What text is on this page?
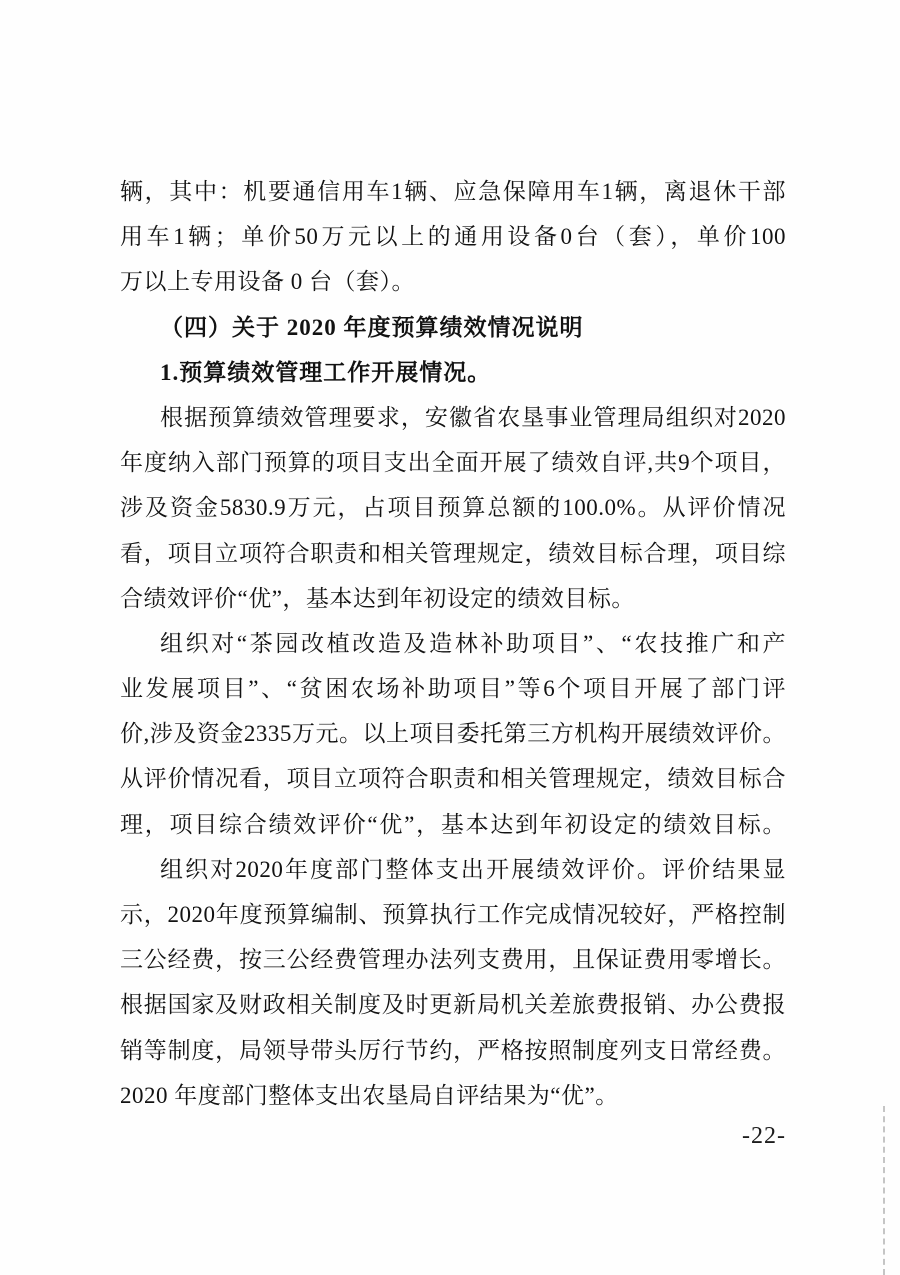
辆，其中：机要通信用车1辆、应急保障用车1辆，离退休干部
用车1辆；单价50万元以上的通用设备0台（套），单价100
万以上专用设备 0 台（套）。
（四）关于 2020 年度预算绩效情况说明
1.预算绩效管理工作开展情况。
根据预算绩效管理要求，安徽省农垦事业管理局组织对2020
年度纳入部门预算的项目支出全面开展了绩效自评,共9个项目，
涉及资金5830.9万元，占项目预算总额的100.0%。从评价情况
看，项目立项符合职责和相关管理规定，绩效目标合理，项目综
合绩效评价“优”，基本达到年初设定的绩效目标。
组织对“茶园改植改造及造林补助项目”、“农技推广和产
业发展项目”、“贫困农场补助项目”等6个项目开展了部门评
价,涉及资金2335万元。以上项目委托第三方机构开展绩效评价。
从评价情况看，项目立项符合职责和相关管理规定，绩效目标合
理，项目综合绩效评价“优”，基本达到年初设定的绩效目标。
组织对2020年度部门整体支出开展绩效评价。评价结果显
示，2020年度预算编制、预算执行工作完成情况较好，严格控制
三公经费，按三公经费管理办法列支费用，且保证费用零增长。
根据国家及财政相关制度及时更新局机关差旅费报销、办公费报
销等制度，局领导带头厉行节约，严格按照制度列支日常经费。
2020 年度部门整体支出农垦局自评结果为“优”。
-22-
